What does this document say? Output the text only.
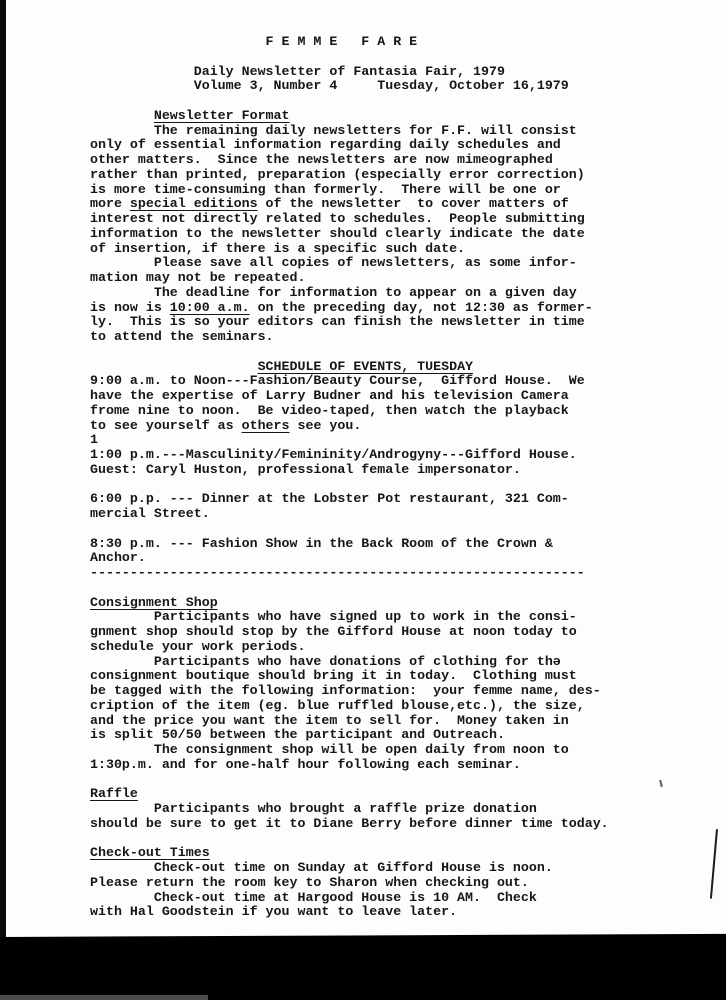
F E M M E   F A R E

Daily Newsletter of Fantasia Fair, 1979
Volume 3, Number 4     Tuesday, October 16,1979

Newsletter Format
The remaining daily newsletters for F.F. will consist
only of essential information regarding daily schedules and
other matters.  Since the newsletters are now mimeographed
rather than printed, preparation (especially error correction)
is more time-consuming than formerly.  There will be one or
more special editions of the newsletter  to cover matters of
interest not directly related to schedules.  People submitting
information to the newsletter should clearly indicate the date
of insertion, if there is a specific such date.
Please save all copies of newsletters, as some infor-
mation may not be repeated.
The deadline for information to appear on a given day
is now is 10:00 a.m. on the preceding day, not 12:30 as former-
ly.  This is so your editors can finish the newsletter in time
to attend the seminars.

SCHEDULE OF EVENTS, TUESDAY
9:00 a.m. to Noon---Fashion/Beauty Course,  Gifford House.  We
have the expertise of Larry Budner and his television Camera
frome nine to noon.  Be video-taped, then watch the playback
to see yourself as others see you.
1
1:00 p.m.---Masculinity/Femininity/Androgyny---Gifford House.
Guest: Caryl Huston, professional female impersonator.

6:00 p.p. --- Dinner at the Lobster Pot restaurant, 321 Com-
mercial Street.

8:30 p.m. --- Fashion Show in the Back Room of the Crown &
Anchor.
--------------------------------------------------------------

Consignment Shop
Participants who have signed up to work in the consi-
gnment shop should stop by the Gifford House at noon today to
schedule your work periods.
Participants who have donations of clothing for thǝ
consignment boutique should bring it in today.  Clothing must
be tagged with the following information:  your femme name, des-
cription of the item (eg. blue ruffled blouse,etc.), the size,
and the price you want the item to sell for.  Money taken in
is split 50/50 between the participant and Outreach.
The consignment shop will be open daily from noon to
1:30p.m. and for one-half hour following each seminar.

Raffle
Participants who brought a raffle prize donation
should be sure to get it to Diane Berry before dinner time today.

Check-out Times
Check-out time on Sunday at Gifford House is noon.
Please return the room key to Sharon when checking out.
Check-out time at Hargood House is 10 AM.  Check
with Hal Goodstein if you want to leave later.
